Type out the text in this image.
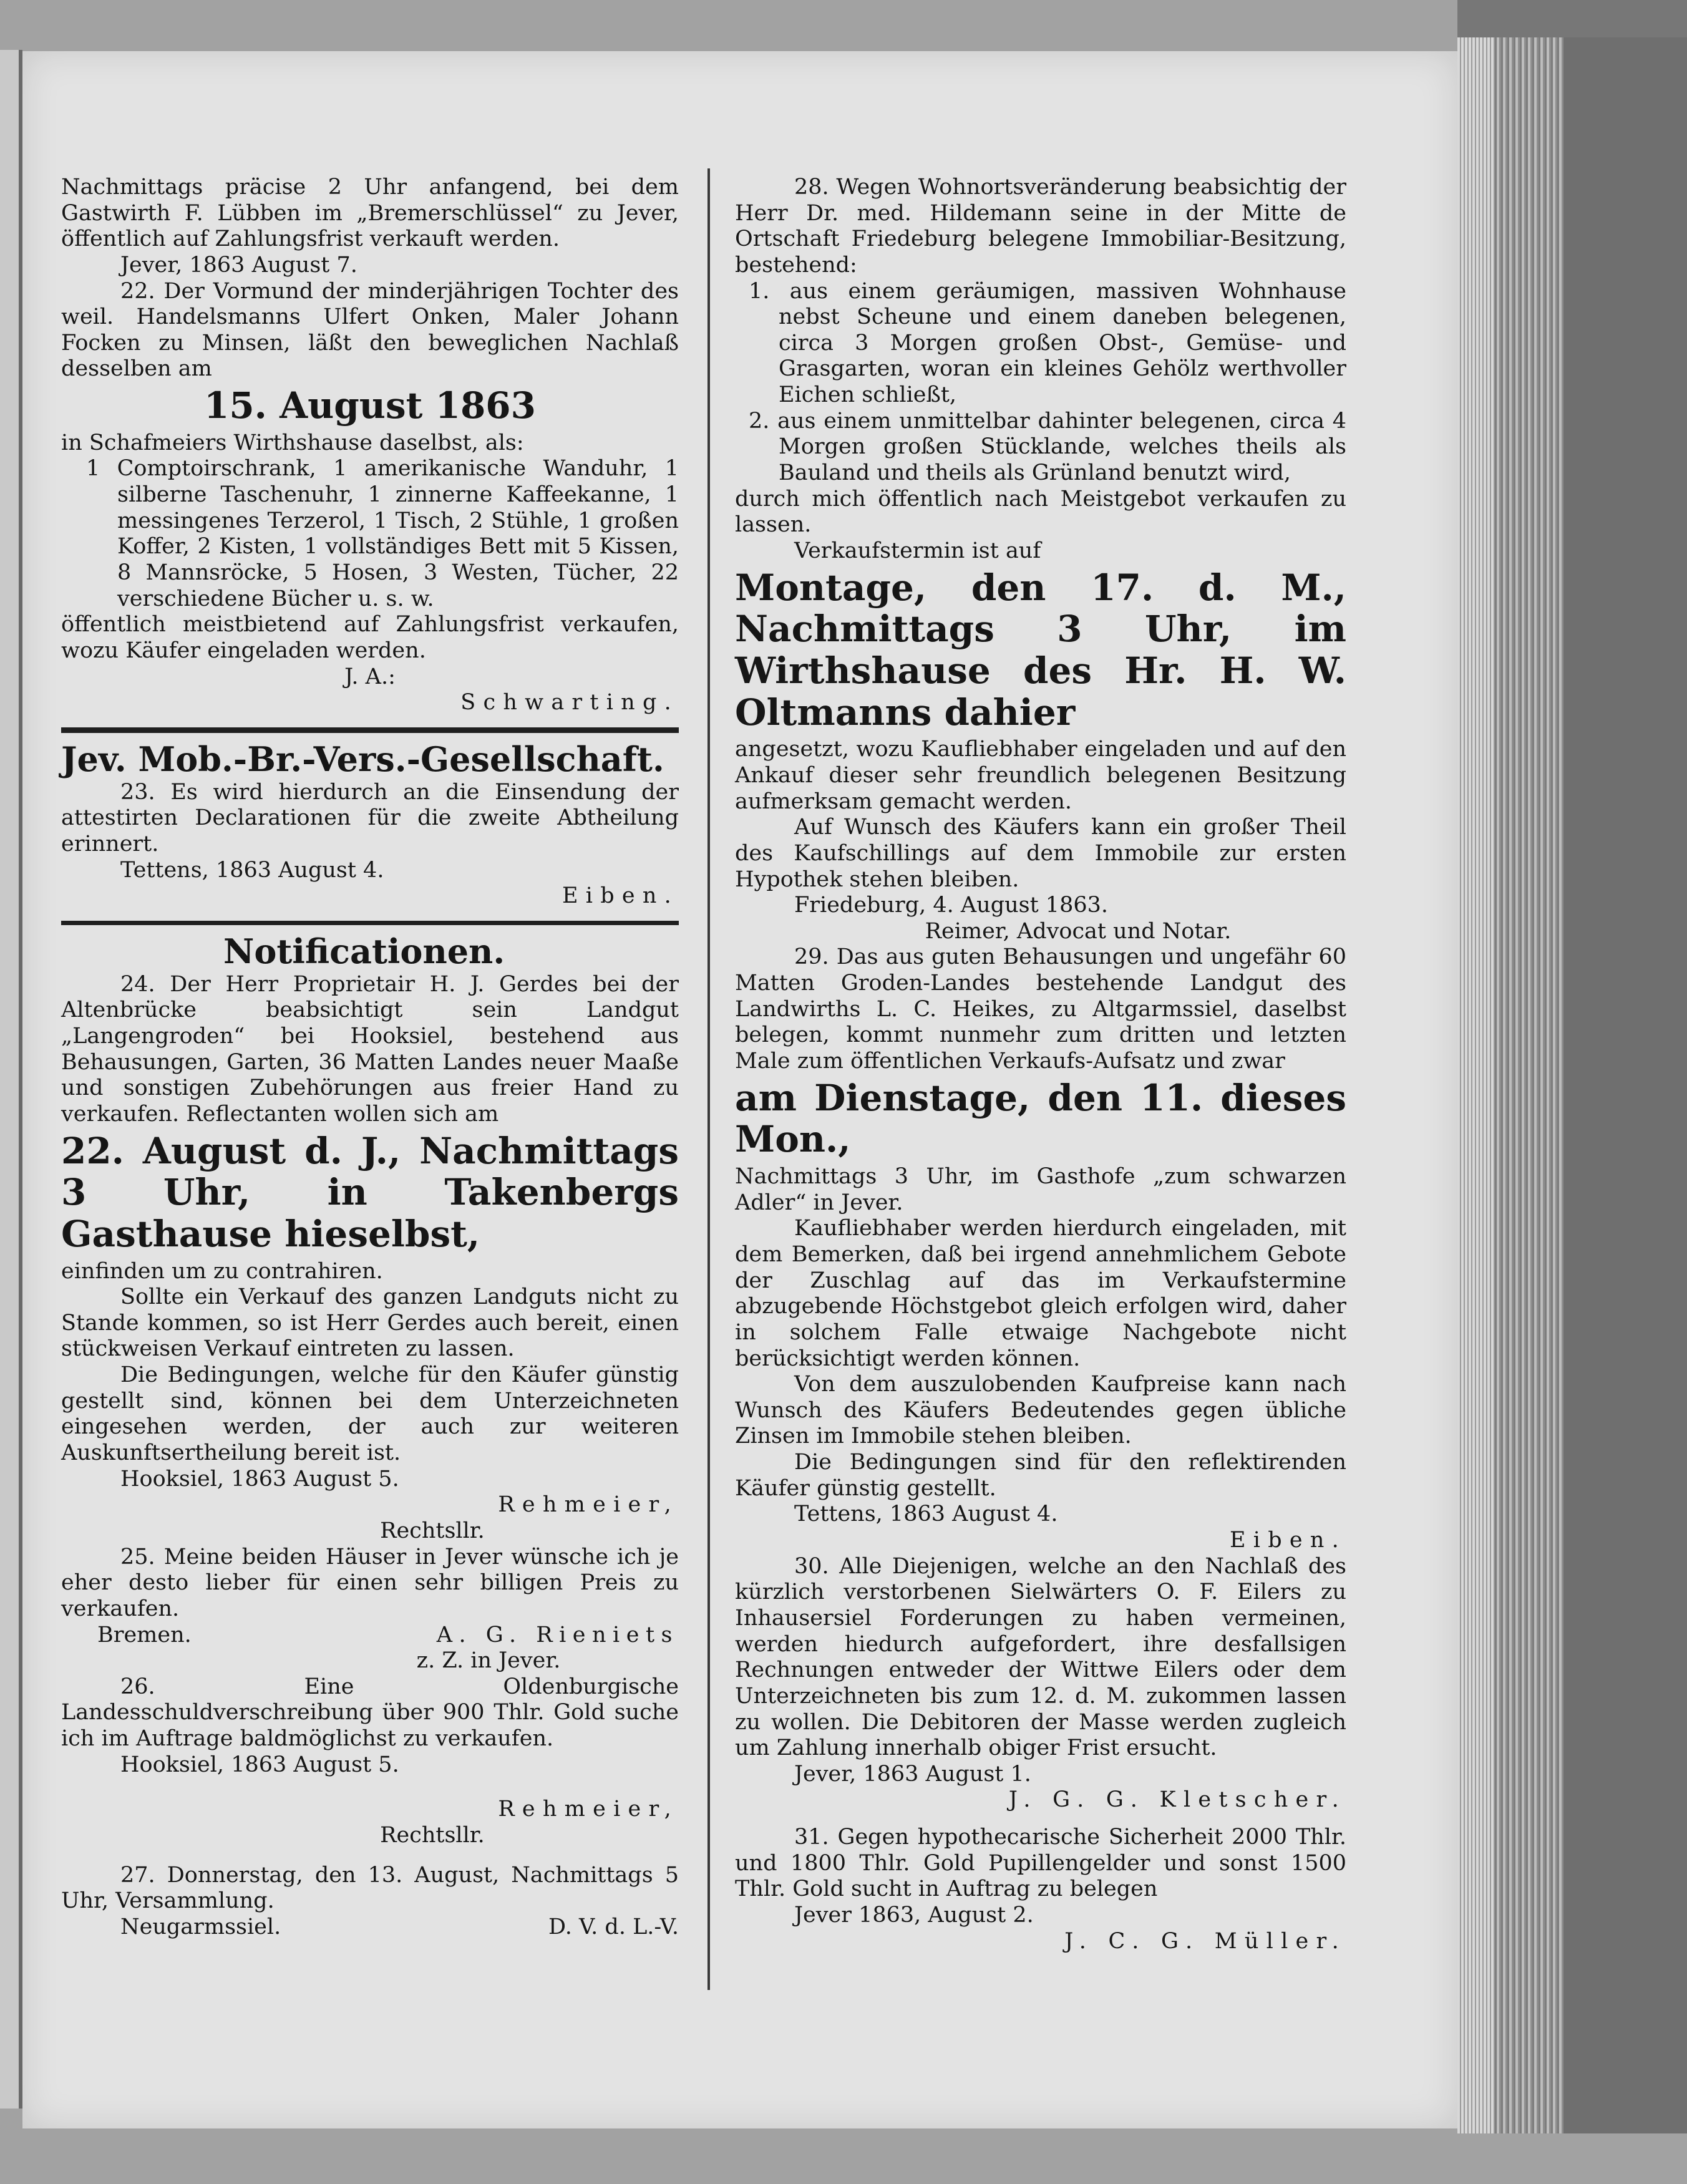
Nachmittags präcise 2 Uhr anfangend, bei dem Gastwirth F. Lübben im „Bremerschlüssel“ zu Jever, öffentlich auf Zahlungsfrist verkauft werden.

Jever, 1863 August 7.

22. Der Vormund der minderjährigen Tochter des weil. Handelsmanns Ulfert Onken, Maler Johann Focken zu Minsen, läßt den beweglichen Nachlaß desselben am

15. August 1863

in Schafmeiers Wirthshause daselbst, als:

1 Comptoirschrank, 1 amerikanische Wanduhr, 1 silberne Taschenuhr, 1 zinnerne Kaffeekanne, 1 messingenes Terzerol, 1 Tisch, 2 Stühle, 1 großen Koffer, 2 Kisten, 1 vollständiges Bett mit 5 Kissen, 8 Mannsröcke, 5 Hosen, 3 Westen, Tücher, 22 verschiedene Bücher u. s. w.

öffentlich meistbietend auf Zahlungsfrist verkaufen, wozu Käufer eingeladen werden.

J. A.:

Schwarting.

Jev. Mob.-Br.-Vers.-Gesellschaft.

23. Es wird hierdurch an die Einsendung der attestirten Declarationen für die zweite Abtheilung erinnert.

Tettens, 1863 August 4.

Eiben.

Notificationen.

24. Der Herr Proprietair H. J. Gerdes bei der Altenbrücke beabsichtigt sein Landgut „Langengroden“ bei Hooksiel, bestehend aus Behausungen, Garten, 36 Matten Landes neuer Maaße und sonstigen Zubehörungen aus freier Hand zu verkaufen. Reflectanten wollen sich am

22. August d. J., Nachmittags 3 Uhr, in Takenbergs Gasthause hieselbst,

einfinden um zu contrahiren.

Sollte ein Verkauf des ganzen Landguts nicht zu Stande kommen, so ist Herr Gerdes auch bereit, einen stückweisen Verkauf eintreten zu lassen.

Die Bedingungen, welche für den Käufer günstig gestellt sind, können bei dem Unterzeichneten eingesehen werden, der auch zur weiteren Auskunftsertheilung bereit ist.

Hooksiel, 1863 August 5.

Rehmeier,

Rechtsllr.

25. Meine beiden Häuser in Jever wünsche ich je eher desto lieber für einen sehr billigen Preis zu verkaufen.

Bremen.	A. G. Rieniets

z. Z. in Jever.

26. Eine Oldenburgische Landesschuldverschreibung über 900 Thlr. Gold suche ich im Auftrage baldmöglichst zu verkaufen.

Hooksiel, 1863 August 5.

Rehmeier,

Rechtsllr.

27. Donnerstag, den 13. August, Nachmittags 5 Uhr, Versammlung.

Neugarmssiel.	D. V. d. L.-V.

28. Wegen Wohnortsveränderung beabsichtig der Herr Dr. med. Hildemann seine in der Mitte de Ortschaft Friedeburg belegene Immobiliar-Besitzung, bestehend:

1. aus einem geräumigen, massiven Wohnhause nebst Scheune und einem daneben belegenen, circa 3 Morgen großen Obst-, Gemüse- und Grasgarten, woran ein kleines Gehölz werthvoller Eichen schließt,

2. aus einem unmittelbar dahinter belegenen, circa 4 Morgen großen Stücklande, welches theils als Bauland und theils als Grünland benutzt wird,

durch mich öffentlich nach Meistgebot verkaufen zu lassen.

Verkaufstermin ist auf

Montage, den 17. d. M., Nachmittags 3 Uhr, im Wirthshause des Hr. H. W. Oltmanns dahier

angesetzt, wozu Kaufliebhaber eingeladen und auf den Ankauf dieser sehr freundlich belegenen Besitzung aufmerksam gemacht werden.

Auf Wunsch des Käufers kann ein großer Theil des Kaufschillings auf dem Immobile zur ersten Hypothek stehen bleiben.

Friedeburg, 4. August 1863.

Reimer, Advocat und Notar.

29. Das aus guten Behausungen und ungefähr 60 Matten Groden-Landes bestehende Landgut des Landwirths L. C. Heikes, zu Altgarmssiel, daselbst belegen, kommt nunmehr zum dritten und letzten Male zum öffentlichen Verkaufs-Aufsatz und zwar

am Dienstage, den 11. dieses Mon.,

Nachmittags 3 Uhr, im Gasthofe „zum schwarzen Adler“ in Jever.

Kaufliebhaber werden hierdurch eingeladen, mit dem Bemerken, daß bei irgend annehmlichem Gebote der Zuschlag auf das im Verkaufstermine abzugebende Höchstgebot gleich erfolgen wird, daher in solchem Falle etwaige Nachgebote nicht berücksichtigt werden können.

Von dem auszulobenden Kaufpreise kann nach Wunsch des Käufers Bedeutendes gegen übliche Zinsen im Immobile stehen bleiben.

Die Bedingungen sind für den reflektirenden Käufer günstig gestellt.

Tettens, 1863 August 4.

Eiben.

30. Alle Diejenigen, welche an den Nachlaß des kürzlich verstorbenen Sielwärters O. F. Eilers zu Inhausersiel Forderungen zu haben vermeinen, werden hiedurch aufgefordert, ihre desfallsigen Rechnungen entweder der Wittwe Eilers oder dem Unterzeichneten bis zum 12. d. M. zukommen lassen zu wollen. Die Debitoren der Masse werden zugleich um Zahlung innerhalb obiger Frist ersucht.

Jever, 1863 August 1.

J. G. G. Kletscher.

31. Gegen hypothecarische Sicherheit 2000 Thlr. und 1800 Thlr. Gold Pupillengelder und sonst 1500 Thlr. Gold sucht in Auftrag zu belegen

Jever 1863, August 2.

J. C. G. Müller.
